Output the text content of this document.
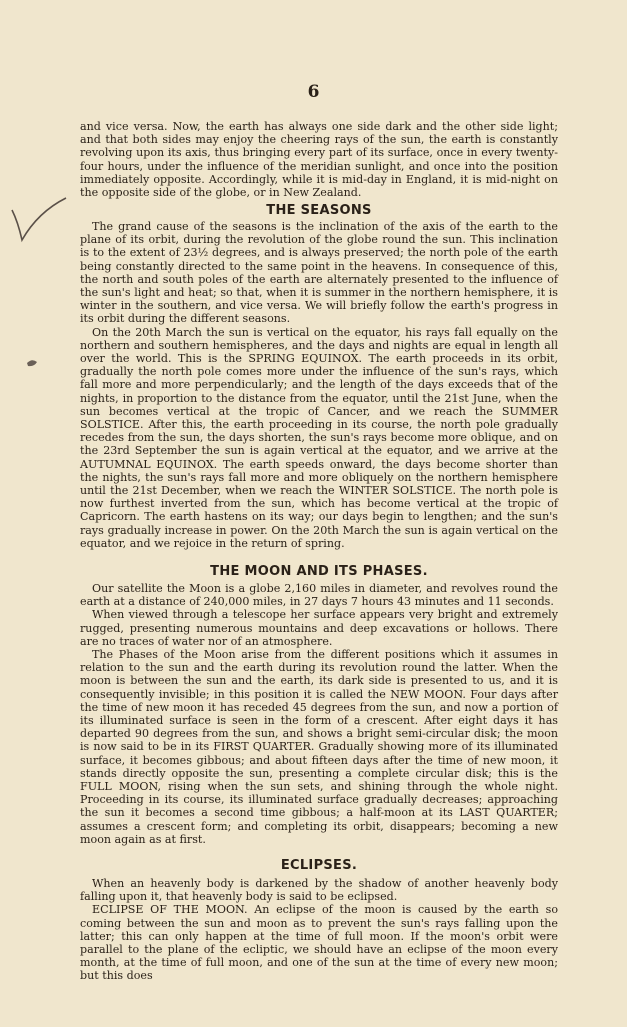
6

and vice versa. Now, the earth has always one side dark and the other side light; and that both sides may enjoy the cheering rays of the sun, the earth is constantly revolving upon its axis, thus bringing every part of its surface, once in every twenty-four hours, under the influence of the meridian sunlight, and once into the position immediately opposite. Accordingly, while it is mid-day in England, it is mid-night on the opposite side of the globe, or in New Zealand.

THE SEASONS

The grand cause of the seasons is the inclination of the axis of the earth to the plane of its orbit, during the revolution of the globe round the sun. This inclination is to the extent of 23½ degrees, and is always preserved; the north pole of the earth being constantly directed to the same point in the heavens. In consequence of this, the north and south poles of the earth are alternately presented to the influence of the sun's light and heat; so that, when it is summer in the northern hemisphere, it is winter in the southern, and vice versa. We will briefly follow the earth's progress in its orbit during the different seasons.

On the 20th March the sun is vertical on the equator, his rays fall equally on the northern and southern hemispheres, and the days and nights are equal in length all over the world. This is the SPRING EQUINOX. The earth proceeds in its orbit, gradually the north pole comes more under the influence of the sun's rays, which fall more and more perpendicularly; and the length of the days exceeds that of the nights, in proportion to the distance from the equator, until the 21st June, when the sun becomes vertical at the tropic of Cancer, and we reach the SUMMER SOLSTICE. After this, the earth proceeding in its course, the north pole gradually recedes from the sun, the days shorten, the sun's rays become more oblique, and on the 23rd September the sun is again vertical at the equator, and we arrive at the AUTUMNAL EQUINOX. The earth speeds onward, the days become shorter than the nights, the sun's rays fall more and more obliquely on the northern hemisphere until the 21st December, when we reach the WINTER SOLSTICE. The north pole is now furthest inverted from the sun, which has become vertical at the tropic of Capricorn. The earth hastens on its way; our days begin to lengthen; and the sun's rays gradually increase in power. On the 20th March the sun is again vertical on the equator, and we rejoice in the return of spring.

THE MOON AND ITS PHASES.

Our satellite the Moon is a globe 2,160 miles in diameter, and revolves round the earth at a distance of 240,000 miles, in 27 days 7 hours 43 minutes and 11 seconds.

When viewed through a telescope her surface appears very bright and extremely rugged, presenting numerous mountains and deep excavations or hollows. There are no traces of water nor of an atmosphere.

The Phases of the Moon arise from the different positions which it assumes in relation to the sun and the earth during its revolution round the latter. When the moon is between the sun and the earth, its dark side is presented to us, and it is consequently invisible; in this position it is called the NEW MOON. Four days after the time of new moon it has receded 45 degrees from the sun, and now a portion of its illuminated surface is seen in the form of a crescent. After eight days it has departed 90 degrees from the sun, and shows a bright semi-circular disk; the moon is now said to be in its FIRST QUARTER. Gradually showing more of its illuminated surface, it becomes gibbous; and about fifteen days after the time of new moon, it stands directly opposite the sun, presenting a complete circular disk; this is the FULL MOON, rising when the sun sets, and shining through the whole night. Proceeding in its course, its illuminated surface gradually decreases; approaching the sun it becomes a second time gibbous; a half-moon at its LAST QUARTER; assumes a crescent form; and completing its orbit, disappears; becoming a new moon again as at first.

ECLIPSES.

When an heavenly body is darkened by the shadow of another heavenly body falling upon it, that heavenly body is said to be eclipsed.

ECLIPSE OF THE MOON. An eclipse of the moon is caused by the earth so coming between the sun and moon as to prevent the sun's rays falling upon the latter; this can only happen at the time of full moon. If the moon's orbit were parallel to the plane of the ecliptic, we should have an eclipse of the moon every month, at the time of full moon, and one of the sun at the time of every new moon; but this does
